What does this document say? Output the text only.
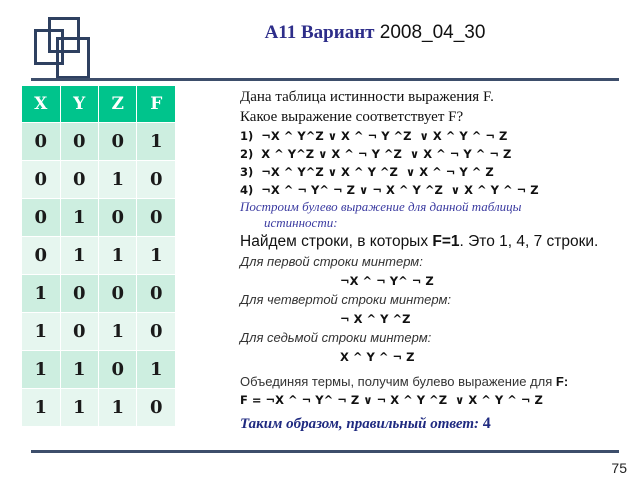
A11 Вариант 2008_04_30
X	Y	Z	F
0	0	0	1
0	0	1	0
0	1	0	0
0	1	1	1
1	0	0	0
1	0	1	0
1	1	0	1
1	1	1	0
Дана таблица истинности выражения F.
Какое выражение соответствует F?
1)  ¬X ^ Y^Z ∨ X ^ ¬ Y ^Z  ∨ X ^ Y ^ ¬ Z
2)  X ^ Y^Z ∨ X ^ ¬ Y ^Z  ∨ X ^ ¬ Y ^ ¬ Z
3)  ¬X ^ Y^Z ∨ X ^ Y ^Z  ∨ X ^ ¬ Y ^ Z
4)  ¬X ^ ¬ Y^ ¬ Z ∨ ¬ X ^ Y ^Z  ∨ X ^ Y ^ ¬ Z
Построим булево выражение для данной таблицы
истинности:
Найдем строки, в которых F=1. Это 1, 4, 7 строки.
Для первой строки минтерм:
¬X ^ ¬ Y^ ¬ Z
Для четвертой строки минтерм:
¬ X ^ Y ^Z
Для седьмой строки минтерм:
X ^ Y ^ ¬ Z
Объединяя термы, получим булево выражение для F:
F = ¬X ^ ¬ Y^ ¬ Z ∨ ¬ X ^ Y ^Z  ∨ X ^ Y ^ ¬ Z
Таким образом, правильный ответ: 4
75
